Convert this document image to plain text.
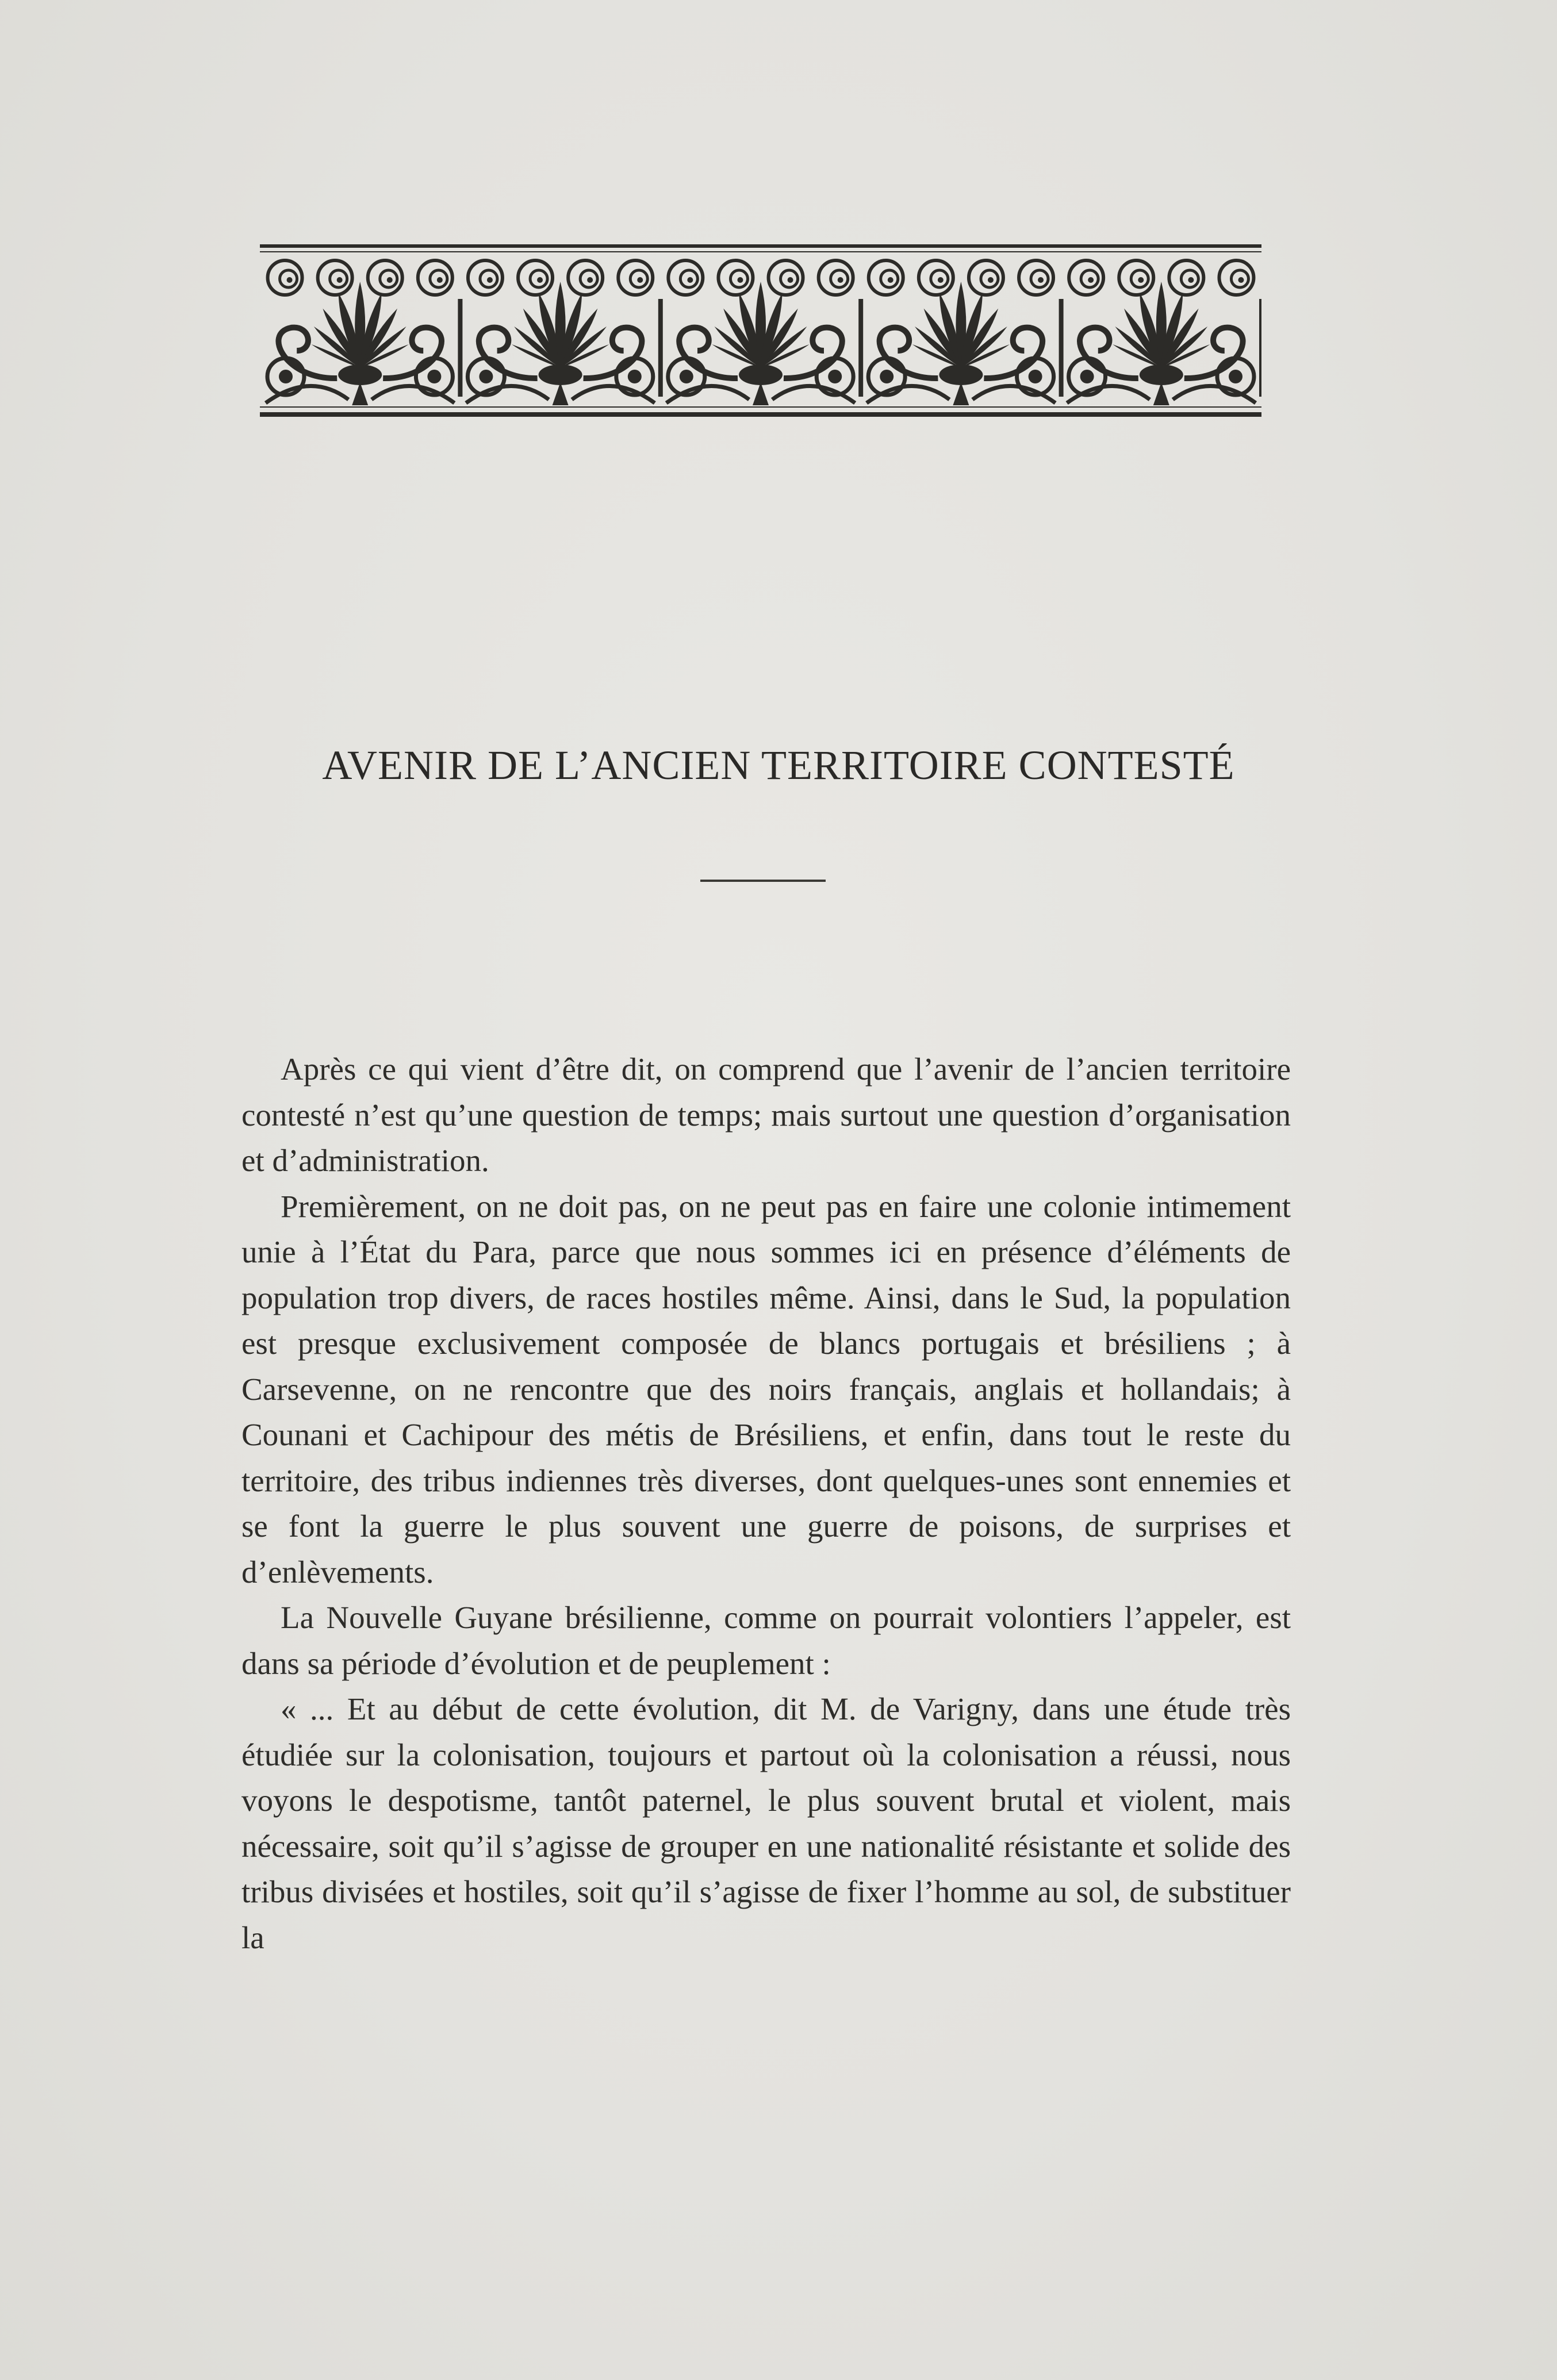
AVENIR DE L’ANCIEN TERRITOIRE CONTESTÉ

Après ce qui vient d’être dit, on comprend que l’avenir de l’ancien territoire contesté n’est qu’une question de temps; mais surtout une question d’organisation et d’administration.

Premièrement, on ne doit pas, on ne peut pas en faire une colonie intimement unie à l’État du Para, parce que nous sommes ici en présence d’éléments de population trop divers, de races hostiles même. Ainsi, dans le Sud, la population est presque exclusivement composée de blancs portugais et brésiliens ; à Carsevenne, on ne rencontre que des noirs français, anglais et hollandais; à Counani et Cachipour des métis de Brésiliens, et enfin, dans tout le reste du territoire, des tribus indiennes très diverses, dont quelques-unes sont ennemies et se font la guerre le plus souvent une guerre de poisons, de surprises et d’enlèvements.

La Nouvelle Guyane brésilienne, comme on pourrait volontiers l’appeler, est dans sa période d’évolution et de peuplement :

« ... Et au début de cette évolution, dit M. de Varigny, dans une étude très étudiée sur la colonisation, toujours et partout où la colonisation a réussi, nous voyons le despotisme, tantôt paternel, le plus souvent brutal et violent, mais nécessaire, soit qu’il s’agisse de grouper en une nationalité résistante et solide des tribus divisées et hostiles, soit qu’il s’agisse de fixer l’homme au sol, de substituer la
